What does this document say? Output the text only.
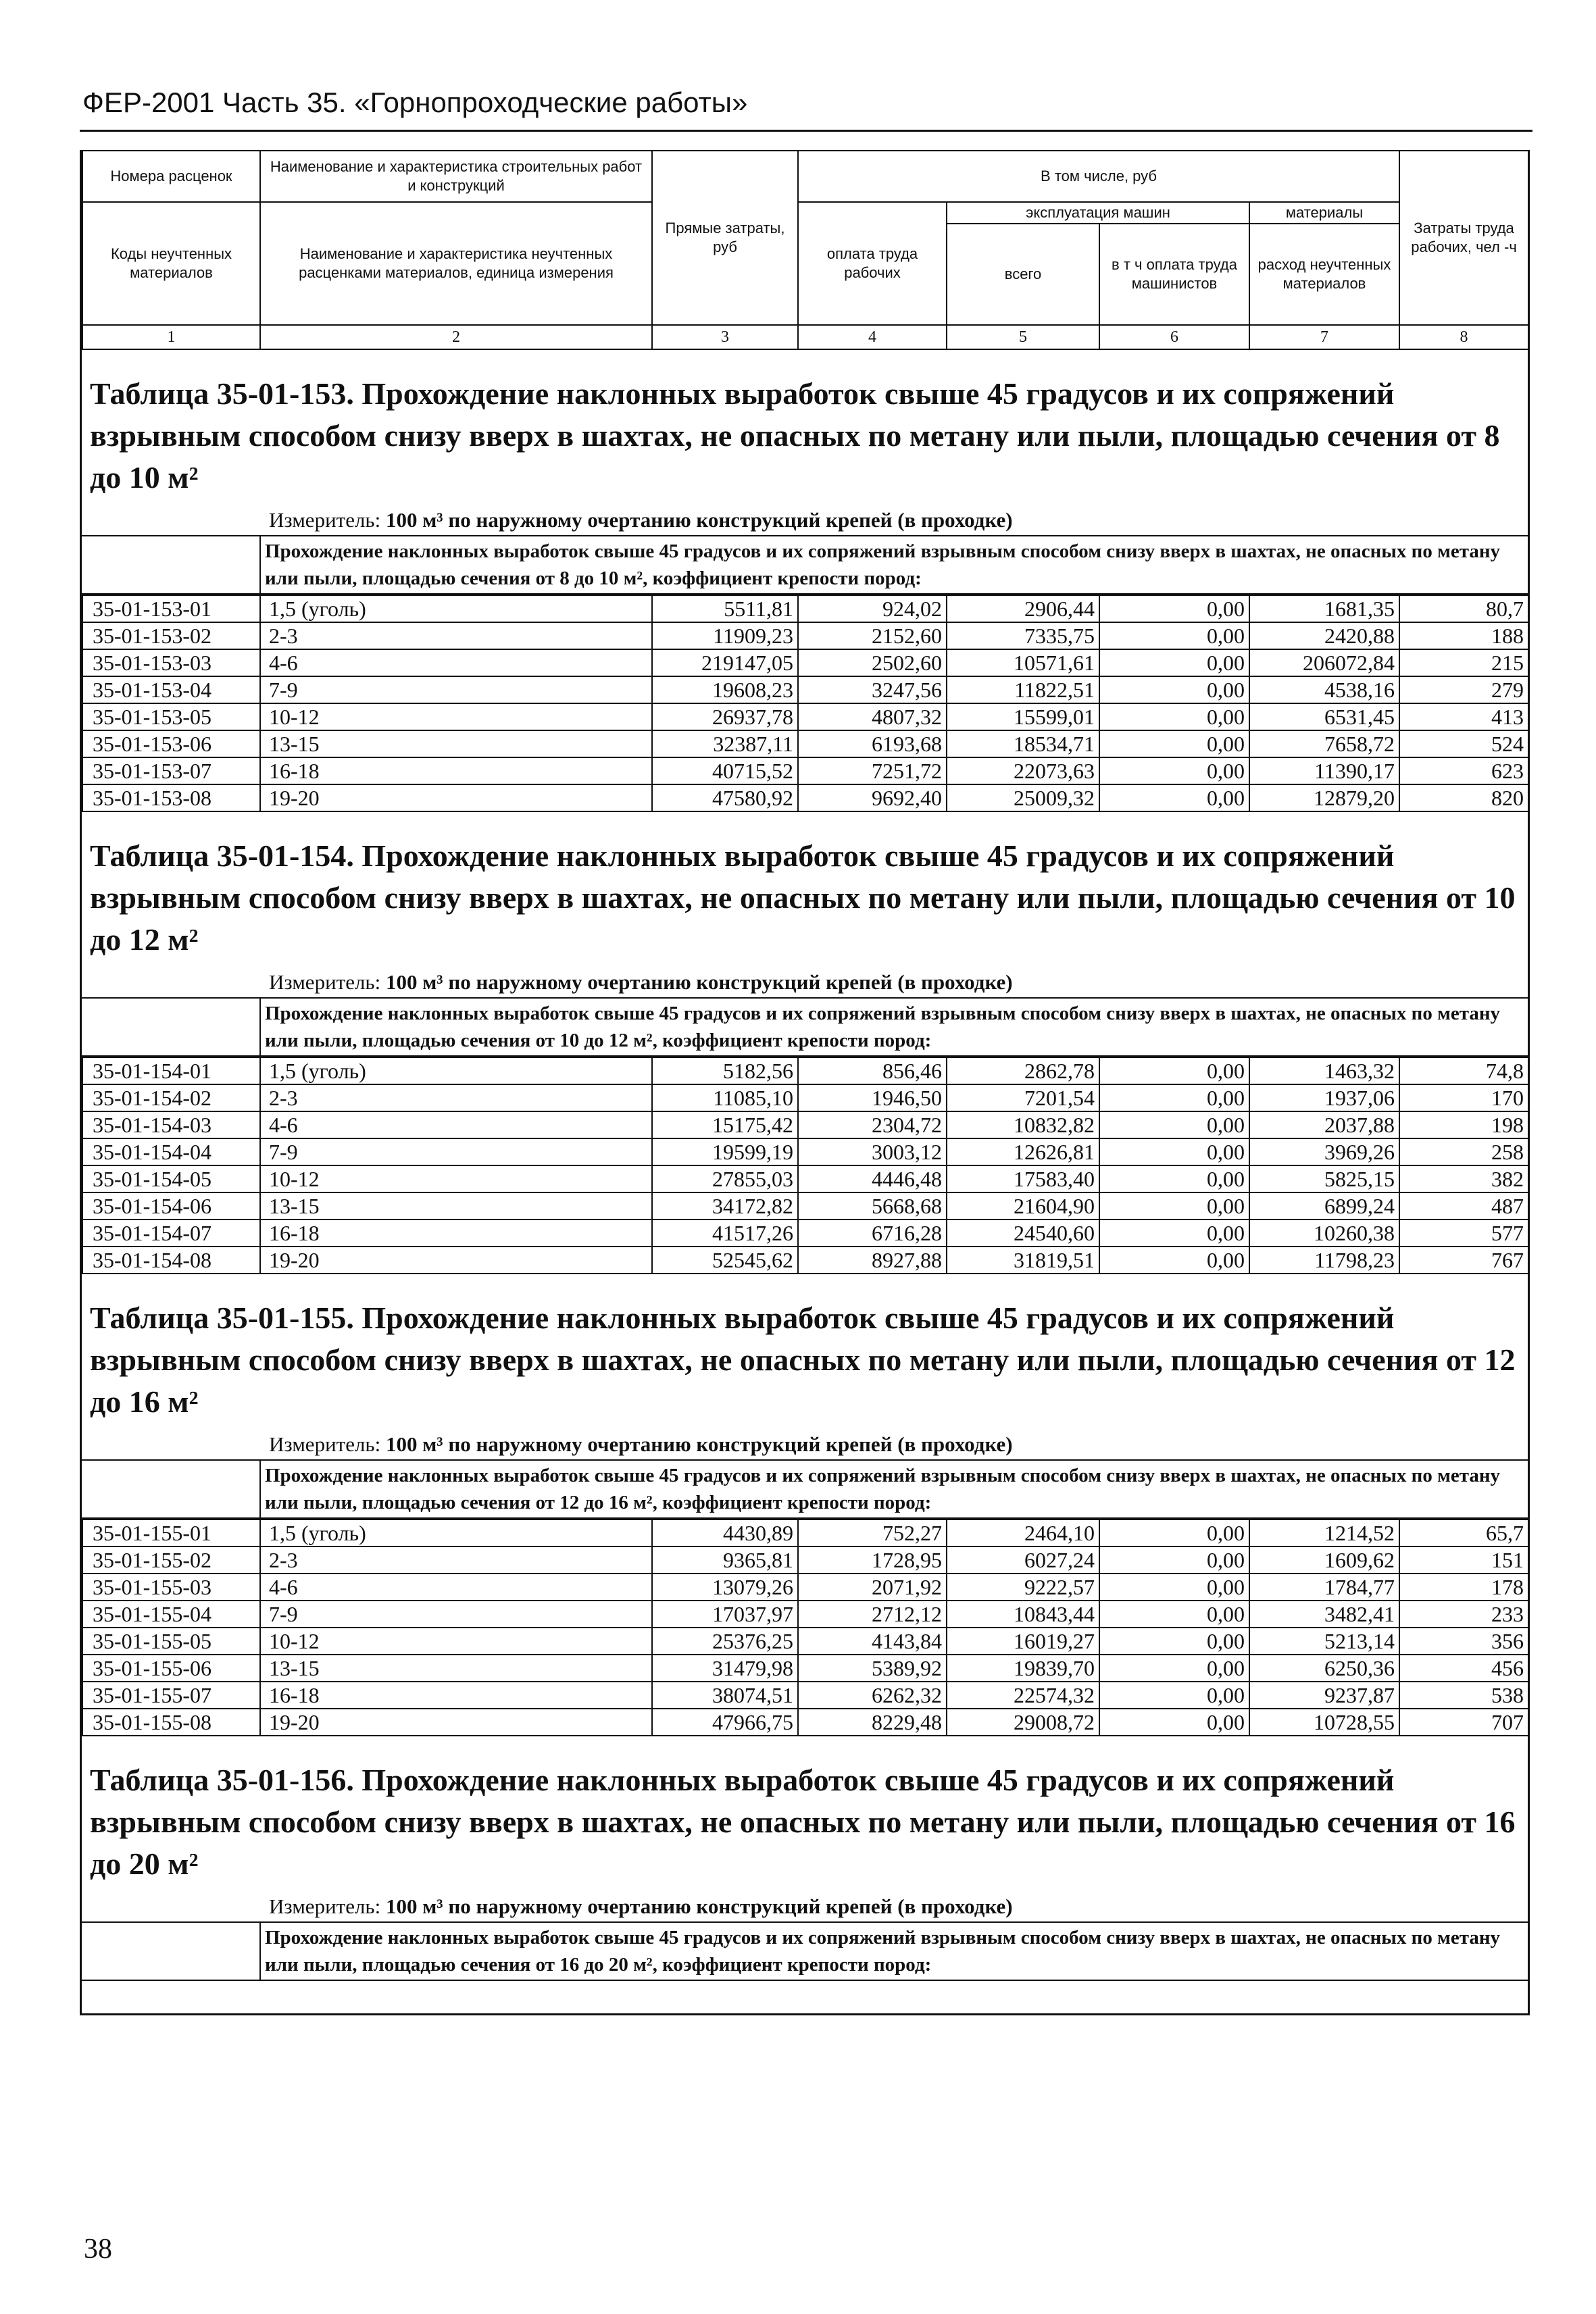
ФЕР-2001 Часть 35. «Горнопроходческие работы»
Номера расценок	Наименование и характеристика строительных работ и конструкций	Прямые затраты, руб	В том числе, руб				Затраты труда рабочих, чел -ч
Коды неучтенных материалов	Наименование и характеристика неучтенных расценками материалов, единица измерения		оплата труда рабочих	эксплуатация машин		материалы	
				всего	в т ч оплата труда машинистов	расход неучтенных материалов	
1	2	3	4	5	6	7	8
Таблица 35-01-153. Прохождение наклонных выработок свыше 45 градусов и их сопряжений взрывным способом снизу вверх в шахтах, не опасных по метану или пыли, площадью сечения от 8 до 10 м²
Измеритель: 100 м³ по наружному очертанию конструкций крепей (в проходке)
Прохождение наклонных выработок свыше 45 градусов и их сопряжений взрывным способом снизу вверх в шахтах, не опасных по метану или пыли, площадью сечения от 8 до 10 м², коэффициент крепости пород:
35-01-153-01	1,5 (уголь)	5511,81	924,02	2906,44	0,00	1681,35	80,7
35-01-153-02	2-3	11909,23	2152,60	7335,75	0,00	2420,88	188
35-01-153-03	4-6	219147,05	2502,60	10571,61	0,00	206072,84	215
35-01-153-04	7-9	19608,23	3247,56	11822,51	0,00	4538,16	279
35-01-153-05	10-12	26937,78	4807,32	15599,01	0,00	6531,45	413
35-01-153-06	13-15	32387,11	6193,68	18534,71	0,00	7658,72	524
35-01-153-07	16-18	40715,52	7251,72	22073,63	0,00	11390,17	623
35-01-153-08	19-20	47580,92	9692,40	25009,32	0,00	12879,20	820
Таблица 35-01-154. Прохождение наклонных выработок свыше 45 градусов и их сопряжений взрывным способом снизу вверх в шахтах, не опасных по метану или пыли, площадью сечения от 10 до 12 м²
Измеритель: 100 м³ по наружному очертанию конструкций крепей (в проходке)
Прохождение наклонных выработок свыше 45 градусов и их сопряжений взрывным способом снизу вверх в шахтах, не опасных по метану или пыли, площадью сечения от 10 до 12 м², коэффициент крепости пород:
35-01-154-01	1,5 (уголь)	5182,56	856,46	2862,78	0,00	1463,32	74,8
35-01-154-02	2-3	11085,10	1946,50	7201,54	0,00	1937,06	170
35-01-154-03	4-6	15175,42	2304,72	10832,82	0,00	2037,88	198
35-01-154-04	7-9	19599,19	3003,12	12626,81	0,00	3969,26	258
35-01-154-05	10-12	27855,03	4446,48	17583,40	0,00	5825,15	382
35-01-154-06	13-15	34172,82	5668,68	21604,90	0,00	6899,24	487
35-01-154-07	16-18	41517,26	6716,28	24540,60	0,00	10260,38	577
35-01-154-08	19-20	52545,62	8927,88	31819,51	0,00	11798,23	767
Таблица 35-01-155. Прохождение наклонных выработок свыше 45 градусов и их сопряжений взрывным способом снизу вверх в шахтах, не опасных по метану или пыли, площадью сечения от 12 до 16 м²
Измеритель: 100 м³ по наружному очертанию конструкций крепей (в проходке)
Прохождение наклонных выработок свыше 45 градусов и их сопряжений взрывным способом снизу вверх в шахтах, не опасных по метану или пыли, площадью сечения от 12 до 16 м², коэффициент крепости пород:
35-01-155-01	1,5 (уголь)	4430,89	752,27	2464,10	0,00	1214,52	65,7
35-01-155-02	2-3	9365,81	1728,95	6027,24	0,00	1609,62	151
35-01-155-03	4-6	13079,26	2071,92	9222,57	0,00	1784,77	178
35-01-155-04	7-9	17037,97	2712,12	10843,44	0,00	3482,41	233
35-01-155-05	10-12	25376,25	4143,84	16019,27	0,00	5213,14	356
35-01-155-06	13-15	31479,98	5389,92	19839,70	0,00	6250,36	456
35-01-155-07	16-18	38074,51	6262,32	22574,32	0,00	9237,87	538
35-01-155-08	19-20	47966,75	8229,48	29008,72	0,00	10728,55	707
Таблица 35-01-156. Прохождение наклонных выработок свыше 45 градусов и их сопряжений взрывным способом снизу вверх в шахтах, не опасных по метану или пыли, площадью сечения от 16 до 20 м²
Измеритель: 100 м³ по наружному очертанию конструкций крепей (в проходке)
Прохождение наклонных выработок свыше 45 градусов и их сопряжений взрывным способом снизу вверх в шахтах, не опасных по метану или пыли, площадью сечения от 16 до 20 м², коэффициент крепости пород:
38
